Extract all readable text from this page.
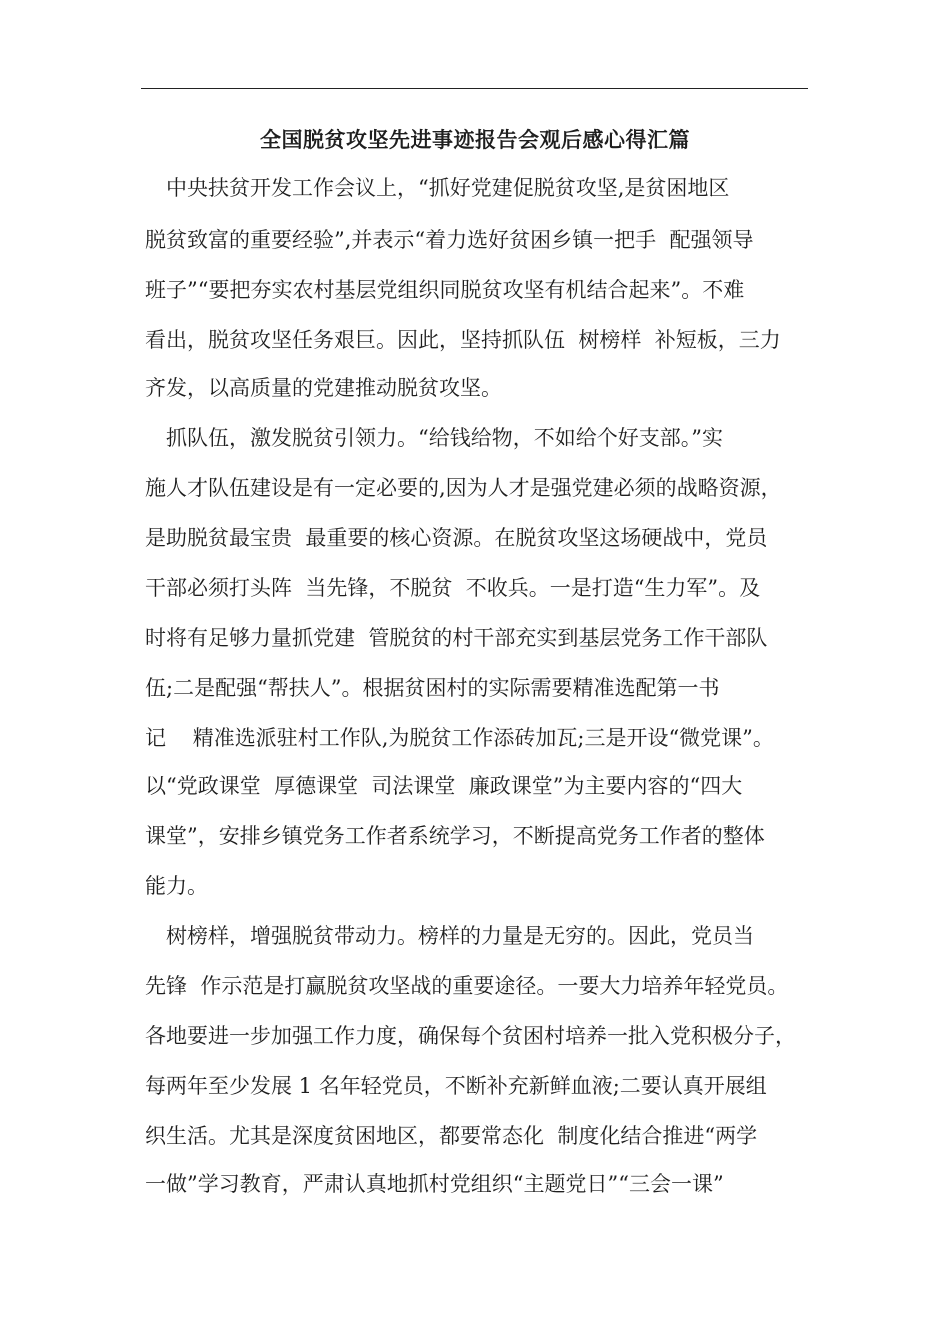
全国脱贫攻坚先进事迹报告会观后感心得汇篇
　中央扶贫开发工作会议上，“抓好党建促脱贫攻坚,是贫困地区
脱贫致富的重要经验”,并表示“着力选好贫困乡镇一把手  配强领导
班子”“要把夯实农村基层党组织同脱贫攻坚有机结合起来”。不难
看出，脱贫攻坚任务艰巨。因此，坚持抓队伍  树榜样  补短板，三力
齐发，以高质量的党建推动脱贫攻坚。
　抓队伍，激发脱贫引领力。“给钱给物，不如给个好支部。”实
施人才队伍建设是有一定必要的,因为人才是强党建必须的战略资源，
是助脱贫最宝贵  最重要的核心资源。在脱贫攻坚这场硬战中，党员
干部必须打头阵  当先锋，不脱贫  不收兵。一是打造“生力军”。及
时将有足够力量抓党建  管脱贫的村干部充实到基层党务工作干部队
伍;二是配强“帮扶人”。根据贫困村的实际需要精准选配第一书
记    精准选派驻村工作队,为脱贫工作添砖加瓦;三是开设“微党课”。
以“党政课堂  厚德课堂  司法课堂  廉政课堂”为主要内容的“四大
课堂”，安排乡镇党务工作者系统学习，不断提高党务工作者的整体
能力。
　树榜样，增强脱贫带动力。榜样的力量是无穷的。因此，党员当
先锋  作示范是打赢脱贫攻坚战的重要途径。一要大力培养年轻党员。
各地要进一步加强工作力度，确保每个贫困村培养一批入党积极分子，
每两年至少发展 1 名年轻党员，不断补充新鲜血液;二要认真开展组
织生活。尤其是深度贫困地区，都要常态化  制度化结合推进“两学
一做”学习教育，严肃认真地抓村党组织“主题党日”“三会一课”
